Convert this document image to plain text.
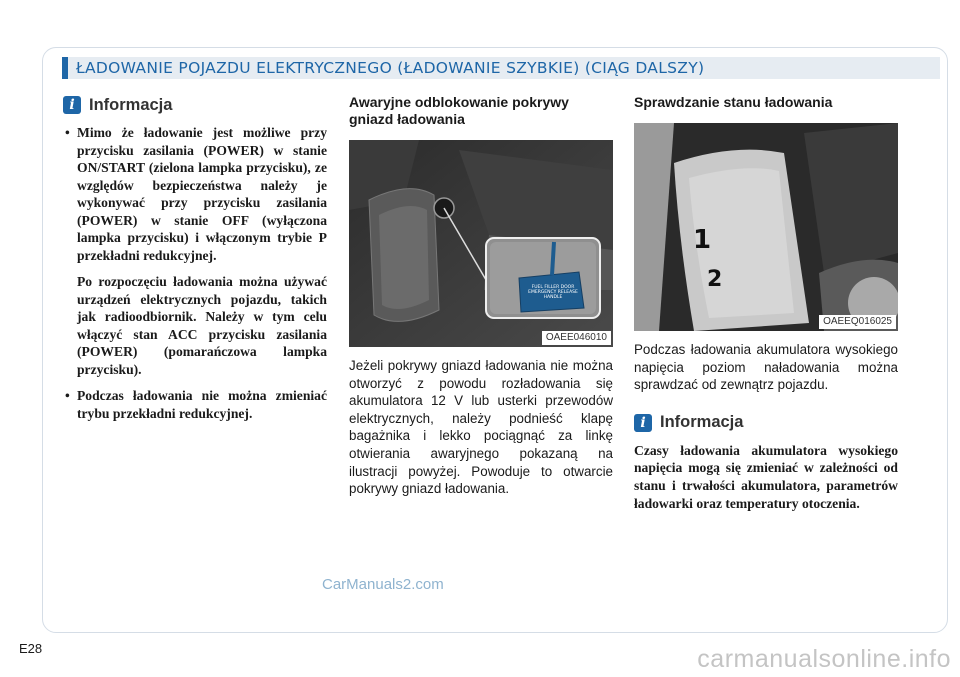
ŁADOWANIE POJAZDU ELEKTRYCZNEGO (ŁADOWANIE SZYBKIE) (CIĄG DALSZY)
i Informacja

• Mimo że ładowanie jest możliwe przy przycisku zasilania (POWER) w stanie ON/START (zielona lampka przycisku), ze względów bezpieczeństwa należy je wykonywać przy przycisku zasilania (POWER) w stanie OFF (wyłączona lampka przycisku) i włączonym trybie P przekładni redukcyjnej.

Po rozpoczęciu ładowania można używać urządzeń elektrycznych pojazdu, takich jak radioodbiornik. Należy w tym celu włączyć stan ACC przycisku zasilania (POWER) (pomarańczowa lampka przycisku).

• Podczas ładowania nie można zmieniać trybu przekładni redukcyjnej.

Awaryjne odblokowanie pokrywy gniazd ładowania
OAEE046010
FUEL FILLER DOOR EMERGENCY RELEASE HANDLE

Jeżeli pokrywy gniazd ładowania nie można otworzyć z powodu rozładowania się akumulatora 12 V lub usterki przewodów elektrycznych, należy podnieść klapę bagażnika i lekko pociągnąć za linkę otwierania awaryjnego pokazaną na ilustracji powyżej. Powoduje to otwarcie pokrywy gniazd ładowania.

Sprawdzanie stanu ładowania
1
2
OAEEQ016025

Podczas ładowania akumulatora wysokiego napięcia poziom naładowania można sprawdzać od zewnątrz pojazdu.

i Informacja

Czasy ładowania akumulatora wysokiego napięcia mogą się zmieniać w zależności od stanu i trwałości akumulatora, parametrów ładowarki oraz temperatury otoczenia.

E28
CarManuals2.com
carmanualsonline.info
